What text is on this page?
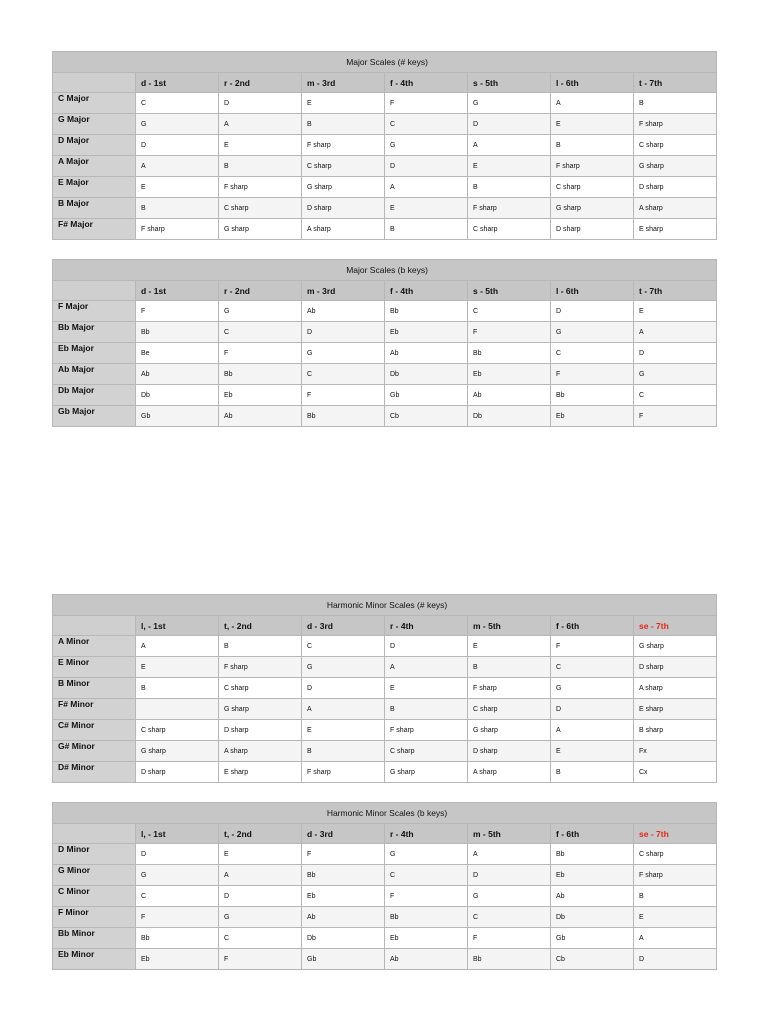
Major Scales (# keys)							
	d - 1st	r - 2nd	m - 3rd	f - 4th	s - 5th	l - 6th	t - 7th
C Major	C	D	E	F	G	A	B
G Major	G	A	B	C	D	E	F sharp
D Major	D	E	F sharp	G	A	B	C sharp
A Major	A	B	C sharp	D	E	F sharp	G sharp
E Major	E	F sharp	G sharp	A	B	C sharp	D sharp
B Major	B	C sharp	D sharp	E	F sharp	G sharp	A sharp
F# Major	F sharp	G sharp	A sharp	B	C sharp	D sharp	E sharp
Major Scales (b keys)							
	d - 1st	r - 2nd	m - 3rd	f - 4th	s - 5th	l - 6th	t - 7th
F Major	F	G	Ab	Bb	C	D	E
Bb Major	Bb	C	D	Eb	F	G	A
Eb Major	Be	F	G	Ab	Bb	C	D
Ab Major	Ab	Bb	C	Db	Eb	F	G
Db Major	Db	Eb	F	Gb	Ab	Bb	C
Gb Major	Gb	Ab	Bb	Cb	Db	Eb	F
Harmonic Minor Scales (# keys)							
	l, - 1st	t, - 2nd	d - 3rd	r - 4th	m - 5th	f - 6th	se - 7th
A Minor	A	B	C	D	E	F	G sharp
E Minor	E	F sharp	G	A	B	C	D sharp
B Minor	B	C sharp	D	E	F sharp	G	A sharp
F# Minor		G sharp	A	B	C sharp	D	E sharp
C# Minor	C sharp	D sharp	E	F sharp	G sharp	A	B sharp
G# Minor	G sharp	A sharp	B	C sharp	D sharp	E	Fx
D# Minor	D sharp	E sharp	F sharp	G sharp	A sharp	B	Cx
Harmonic Minor Scales (b keys)							
	l, - 1st	t, - 2nd	d - 3rd	r - 4th	m - 5th	f - 6th	se - 7th
D Minor	D	E	F	G	A	Bb	C sharp
G Minor	G	A	Bb	C	D	Eb	F sharp
C Minor	C	D	Eb	F	G	Ab	B
F Minor	F	G	Ab	Bb	C	Db	E
Bb Minor	Bb	C	Db	Eb	F	Gb	A
Eb Minor	Eb	F	Gb	Ab	Bb	Cb	D
